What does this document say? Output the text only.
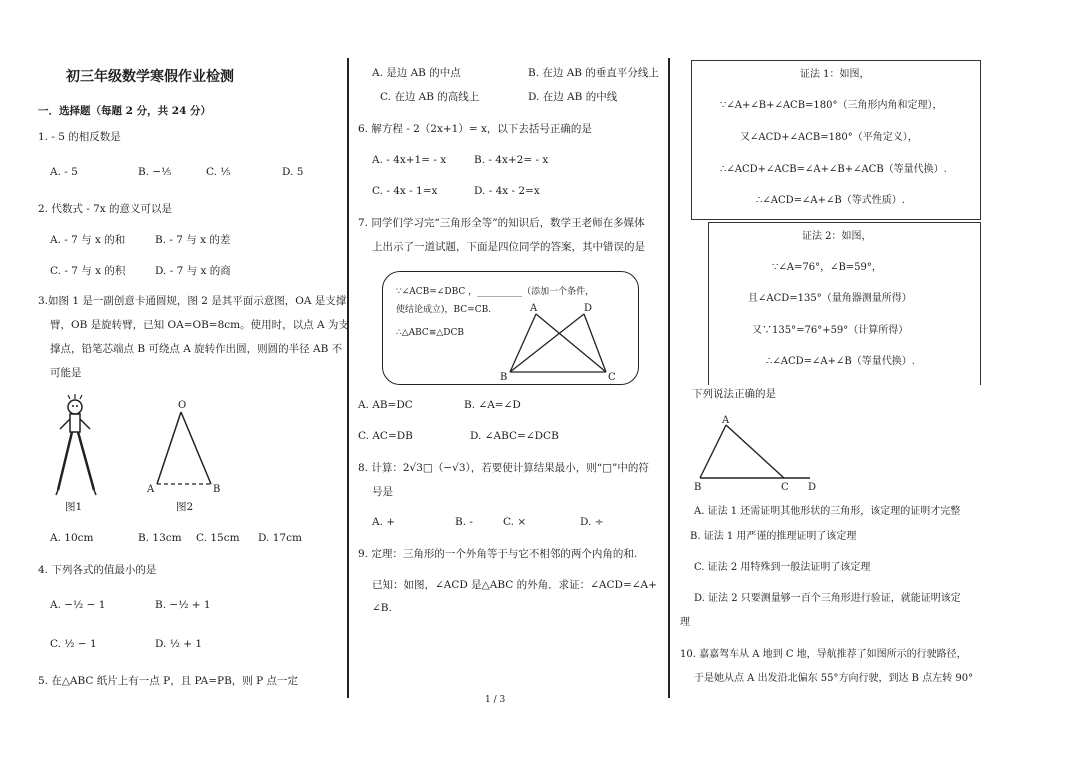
初三年级数学寒假作业检测
一．选择题（每题 2 分，共 24 分）
1. - 5 的相反数是
A. - 5	B. −⅕	C. ⅕	D. 5
2. 代数式 - 7x 的意义可以是
A. - 7 与 x 的和	B. - 7 与 x 的差
C. - 7 与 x 的积	D. - 7 与 x 的商
3.如图 1 是一副创意卡通圆规，图 2 是其平面示意图，OA 是支撑
臂，OB 是旋转臂，已知 OA=OB=8cm。使用时，以点 A 为支
撑点，铅笔芯端点 B 可绕点 A 旋转作出圆，则圆的半径 AB 不
可能是
图1
O
A	B
图2
A. 10cm	B. 13cm C. 15cm D. 17cm
4. 下列各式的值最小的是
A. −½ − 1	B. −½ + 1
C. ½ − 1	D. ½ + 1
5. 在△ABC 纸片上有一点 P，且 PA=PB，则 P 点一定
A. 是边 AB 的中点	B. 在边 AB 的垂直平分线上
C. 在边 AB 的高线上	D. 在边 AB 的中线
6. 解方程 - 2（2x+1）= x，以下去括号正确的是
A. - 4x+1= - x	B. - 4x+2= - x
C. - 4x - 1=x	D. - 4x - 2=x
7. 同学们学习完“三角形全等”的知识后，数学王老师在多媒体
上出示了一道试题，下面是四位同学的答案，其中错误的是
∵∠ACB=∠DBC ，__________（添加一个条件，
使结论成立)，BC=CB.
∴△ABC≌△DCB
A	D
B	C
A. AB=DC	B. ∠A=∠D
C. AC=DB	D. ∠ABC=∠DCB
8. 计算：2√3□（−√3），若要使计算结果最小，则“□”中的符
号是
A. +	B. -	C. ×	D. ÷
9. 定理：三角形的一个外角等于与它不相邻的两个内角的和.
已知：如图，∠ACD 是△ABC 的外角．求证：∠ACD=∠A+
∠B.
1 / 3
证法 1：如图，
∵∠A+∠B+∠ACB=180°（三角形内角和定理），
又∠ACD+∠ACB=180°（平角定义），
∴∠ACD+∠ACB=∠A+∠B+∠ACB（等量代换）.
∴∠ACD=∠A+∠B（等式性质）.
证法 2：如图，
∵∠A=76°，∠B=59°，
且∠ACD=135°（量角器测量所得）
又∵135°=76°+59°（计算所得）
∴∠ACD=∠A+∠B（等量代换）.
下列说法正确的是
A
B	C D
A. 证法 1 还需证明其他形状的三角形，该定理的证明才完整
B. 证法 1 用严谨的推理证明了该定理
C. 证法 2 用特殊到一般法证明了该定理
D. 证法 2 只要测量够一百个三角形进行验证，就能证明该定
理
10. 嘉嘉驾车从 A 地到 C 地，导航推荐了如图所示的行驶路径，
于是她从点 A 出发沿北偏东 55°方向行驶，到达 B 点左转 90°
